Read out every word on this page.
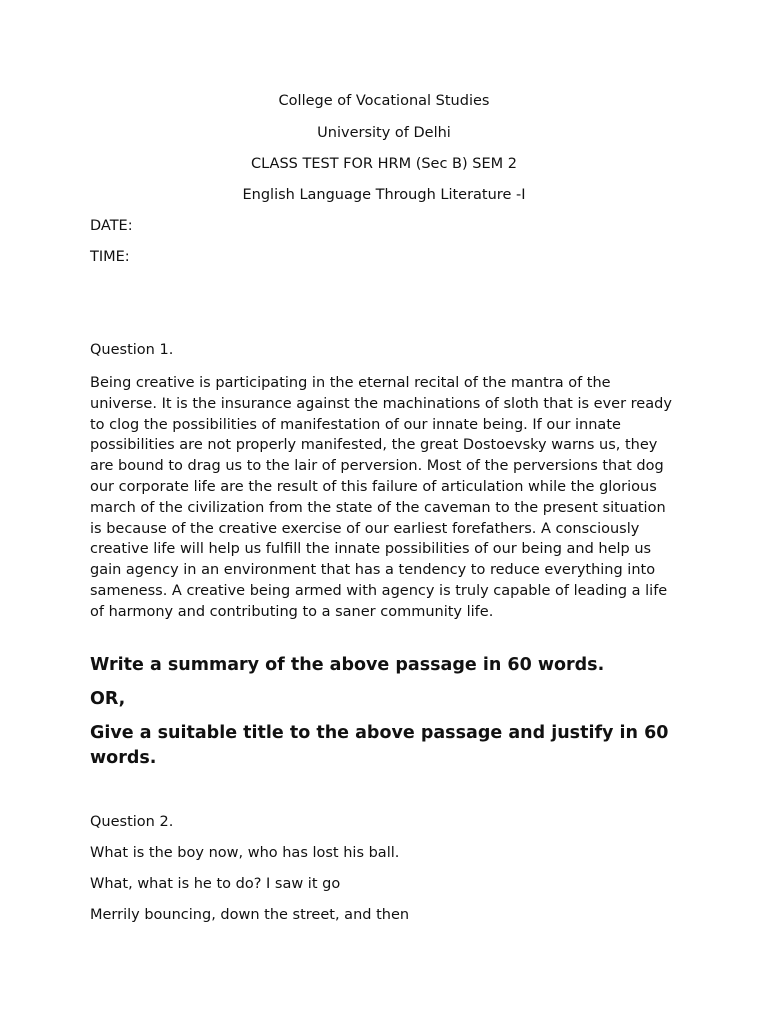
College of Vocational Studies
University of Delhi
CLASS TEST FOR HRM (Sec B) SEM 2
English Language Through Literature -I
DATE:
TIME:
Question 1.
Being creative is participating in the eternal recital of the mantra of the universe. It is the insurance against the machinations of sloth that is ever ready to clog the possibilities of manifestation of our innate being. If our innate possibilities are not properly manifested, the great Dostoevsky warns us, they are bound to drag us to the lair of perversion. Most of the perversions that dog our corporate life are the result of this failure of articulation while the glorious march of the civilization from the state of the caveman to the present situation is because of the creative exercise of our earliest forefathers. A consciously creative life will help us fulfill the innate possibilities of our being and help us gain agency in an environment that has a tendency to reduce everything into sameness. A creative being armed with agency is truly capable of leading a life of harmony and contributing to a saner community life.
Write a summary of the above passage in 60 words.
OR,
Give a suitable title to the above passage and justify in 60 words.
Question 2.
What is the boy now, who has lost his ball.
What, what is he to do? I saw it go
Merrily bouncing, down the street, and then
